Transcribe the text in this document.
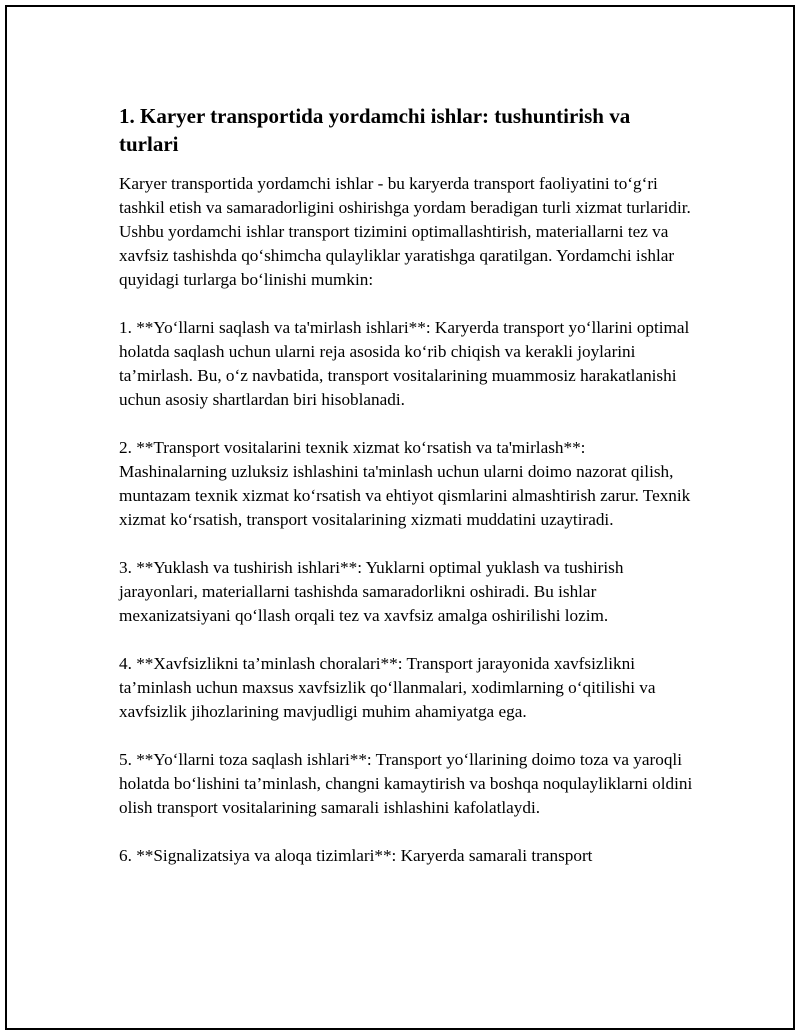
1. Karyer transportida yordamchi ishlar: tushuntirish va turlari

Karyer transportida yordamchi ishlar - bu karyerda transport faoliyatini to‘g‘ri tashkil etish va samaradorligini oshirishga yordam beradigan turli xizmat turlaridir. Ushbu yordamchi ishlar transport tizimini optimallashtirish, materiallarni tez va xavfsiz tashishda qo‘shimcha qulayliklar yaratishga qaratilgan. Yordamchi ishlar quyidagi turlarga bo‘linishi mumkin:

1. **Yo‘llarni saqlash va ta'mirlash ishlari**: Karyerda transport yo‘llarini optimal holatda saqlash uchun ularni reja asosida ko‘rib chiqish va kerakli joylarini ta’mirlash. Bu, o‘z navbatida, transport vositalarining muammosiz harakatlanishi uchun asosiy shartlardan biri hisoblanadi.

2. **Transport vositalarini texnik xizmat ko‘rsatish va ta'mirlash**: Mashinalarning uzluksiz ishlashini ta'minlash uchun ularni doimo nazorat qilish, muntazam texnik xizmat ko‘rsatish va ehtiyot qismlarini almashtirish zarur. Texnik xizmat ko‘rsatish, transport vositalarining xizmati muddatini uzaytiradi.

3. **Yuklash va tushirish ishlari**: Yuklarni optimal yuklash va tushirish jarayonlari, materiallarni tashishda samaradorlikni oshiradi. Bu ishlar mexanizatsiyani qo‘llash orqali tez va xavfsiz amalga oshirilishi lozim.

4. **Xavfsizlikni ta’minlash choralari**: Transport jarayonida xavfsizlikni ta’minlash uchun maxsus xavfsizlik qo‘llanmalari, xodimlarning o‘qitilishi va xavfsizlik jihozlarining mavjudligi muhim ahamiyatga ega.

5. **Yo‘llarni toza saqlash ishlari**: Transport yo‘llarining doimo toza va yaroqli holatda bo‘lishini ta’minlash, changni kamaytirish va boshqa noqulayliklarni oldini olish transport vositalarining samarali ishlashini kafolatlaydi.

6. **Signalizatsiya va aloqa tizimlari**: Karyerda samarali transport
